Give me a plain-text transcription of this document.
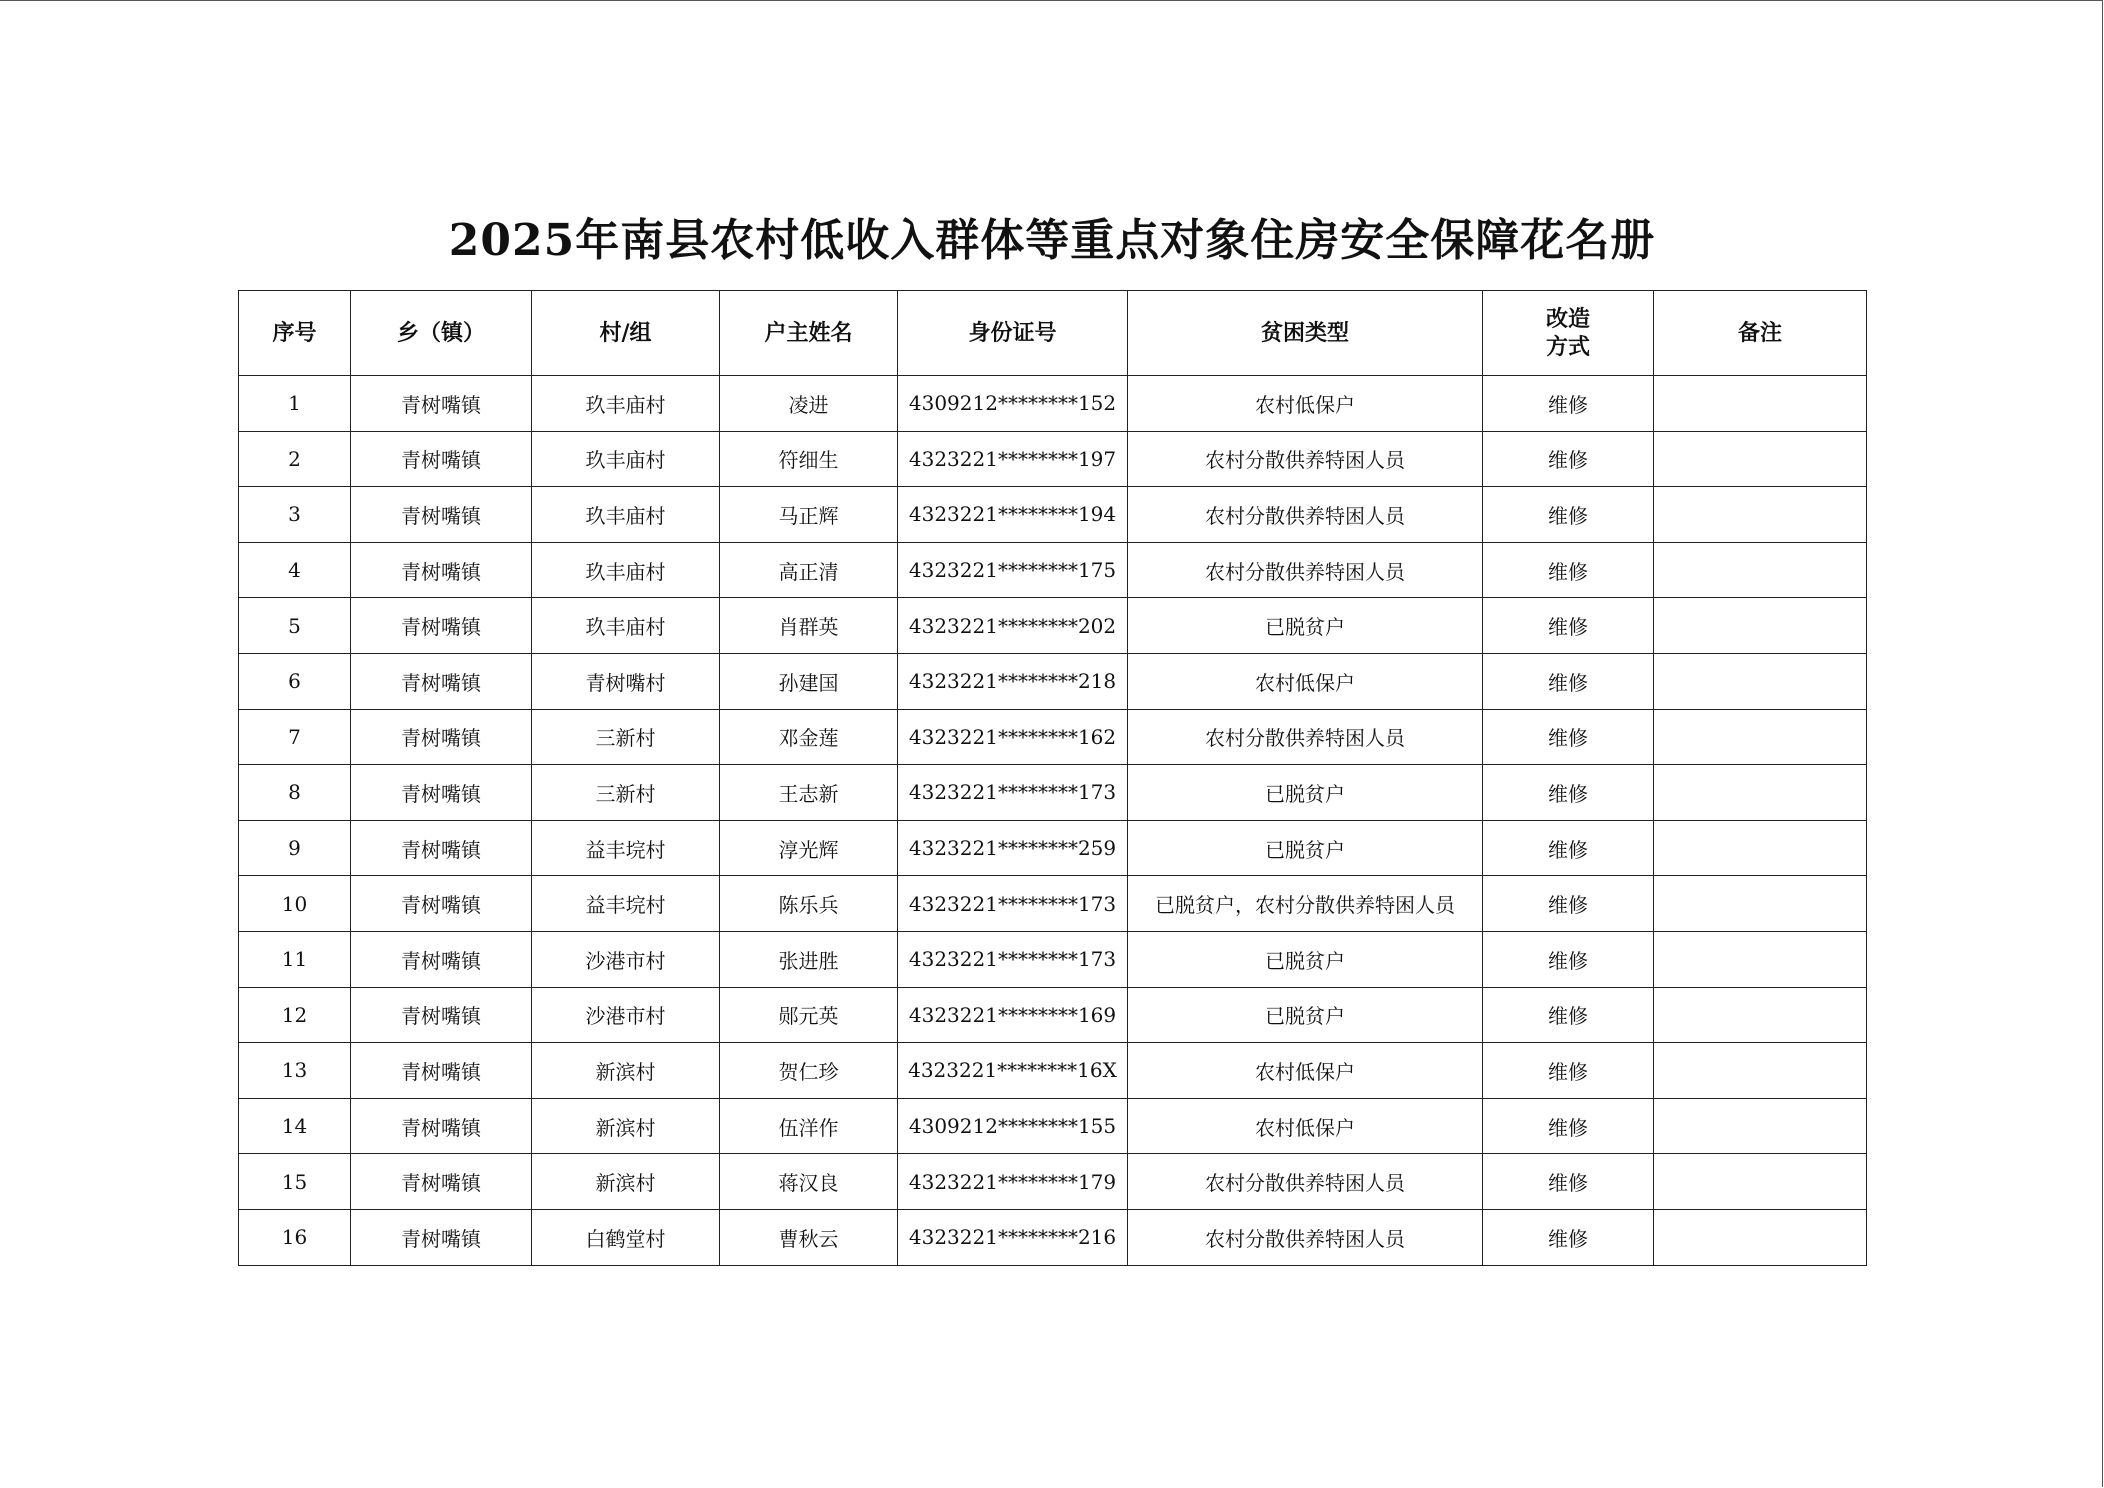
2025年南县农村低收入群体等重点对象住房安全保障花名册
序号	乡（镇）	村/组	户主姓名	身份证号	贫困类型	改造
方式	备注
1	青树嘴镇	玖丰庙村	凌进	4309212********152	农村低保户	维修	
2	青树嘴镇	玖丰庙村	符细生	4323221********197	农村分散供养特困人员	维修	
3	青树嘴镇	玖丰庙村	马正辉	4323221********194	农村分散供养特困人员	维修	
4	青树嘴镇	玖丰庙村	高正清	4323221********175	农村分散供养特困人员	维修	
5	青树嘴镇	玖丰庙村	肖群英	4323221********202	已脱贫户	维修	
6	青树嘴镇	青树嘴村	孙建国	4323221********218	农村低保户	维修	
7	青树嘴镇	三新村	邓金莲	4323221********162	农村分散供养特困人员	维修	
8	青树嘴镇	三新村	王志新	4323221********173	已脱贫户	维修	
9	青树嘴镇	益丰垸村	淳光辉	4323221********259	已脱贫户	维修	
10	青树嘴镇	益丰垸村	陈乐兵	4323221********173	已脱贫户，农村分散供养特困人员	维修	
11	青树嘴镇	沙港市村	张进胜	4323221********173	已脱贫户	维修	
12	青树嘴镇	沙港市村	郧元英	4323221********169	已脱贫户	维修	
13	青树嘴镇	新滨村	贺仁珍	4323221********16X	农村低保户	维修	
14	青树嘴镇	新滨村	伍洋作	4309212********155	农村低保户	维修	
15	青树嘴镇	新滨村	蒋汉良	4323221********179	农村分散供养特困人员	维修	
16	青树嘴镇	白鹤堂村	曹秋云	4323221********216	农村分散供养特困人员	维修	
